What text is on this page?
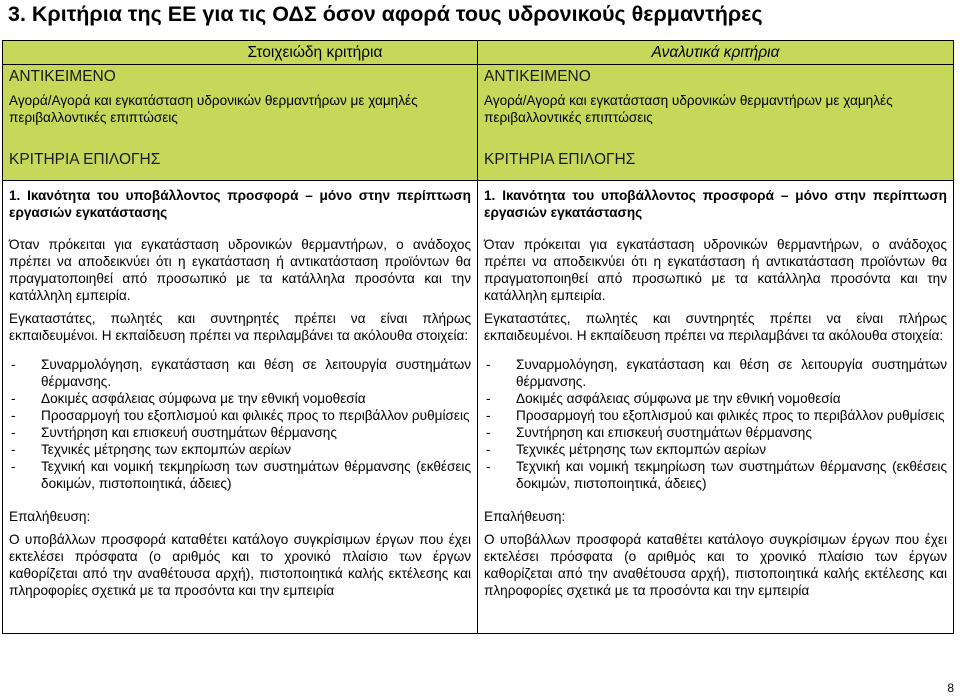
3. Κριτήρια της ΕΕ για τις ΟΔΣ όσον αφορά τους υδρονικούς θερμαντήρες
Στοιχειώδη κριτήρια
ΑΝΤΙΚΕΙΜΕΝΟ
Αγορά/Αγορά και εγκατάσταση υδρονικών θερμαντήρων με χαμηλές περιβαλλοντικές επιπτώσεις
ΚΡΙΤΗΡΙΑ ΕΠΙΛΟΓΗΣ
1. Ικανότητα του υποβάλλοντος προσφορά – μόνο στην περίπτωση εργασιών εγκατάστασης

Όταν πρόκειται για εγκατάσταση υδρονικών θερμαντήρων, ο ανάδοχος πρέπει να αποδεικνύει ότι η εγκατάσταση ή αντικατάσταση προϊόντων θα πραγματοποιηθεί από προσωπικό με τα κατάλληλα προσόντα και την κατάλληλη εμπειρία.

Εγκαταστάτες, πωλητές και συντηρητές πρέπει να είναι πλήρως εκπαιδευμένοι. Η εκπαίδευση πρέπει να περιλαμβάνει τα ακόλουθα στοιχεία:

- Συναρμολόγηση, εγκατάσταση και θέση σε λειτουργία συστημάτων θέρμανσης.
- Δοκιμές ασφάλειας σύμφωνα με την εθνική νομοθεσία
- Προσαρμογή του εξοπλισμού και φιλικές προς το περιβάλλον ρυθμίσεις
- Συντήρηση και επισκευή συστημάτων θέρμανσης
- Τεχνικές μέτρησης των εκπομπών αερίων
- Τεχνική και νομική τεκμηρίωση των συστημάτων θέρμανσης (εκθέσεις δοκιμών, πιστοποιητικά, άδειες)
Επαλήθευση:

Ο υποβάλλων προσφορά καταθέτει κατάλογο συγκρίσιμων έργων που έχει εκτελέσει πρόσφατα (ο αριθμός και το χρονικό πλαίσιο των έργων καθορίζεται από την αναθέτουσα αρχή), πιστοποιητικά καλής εκτέλεσης και πληροφορίες σχετικά με τα προσόντα και την εμπειρία

Αναλυτικά κριτήρια
ΑΝΤΙΚΕΙΜΕΝΟ
Αγορά/Αγορά και εγκατάσταση υδρονικών θερμαντήρων με χαμηλές περιβαλλοντικές επιπτώσεις
ΚΡΙΤΗΡΙΑ ΕΠΙΛΟΓΗΣ
1. Ικανότητα του υποβάλλοντος προσφορά – μόνο στην περίπτωση εργασιών εγκατάστασης

Όταν πρόκειται για εγκατάσταση υδρονικών θερμαντήρων, ο ανάδοχος πρέπει να αποδεικνύει ότι η εγκατάσταση ή αντικατάσταση προϊόντων θα πραγματοποιηθεί από προσωπικό με τα κατάλληλα προσόντα και την κατάλληλη εμπειρία.

Εγκαταστάτες, πωλητές και συντηρητές πρέπει να είναι πλήρως εκπαιδευμένοι. Η εκπαίδευση πρέπει να περιλαμβάνει τα ακόλουθα στοιχεία:

- Συναρμολόγηση, εγκατάσταση και θέση σε λειτουργία συστημάτων θέρμανσης.
- Δοκιμές ασφάλειας σύμφωνα με την εθνική νομοθεσία
- Προσαρμογή του εξοπλισμού και φιλικές προς το περιβάλλον ρυθμίσεις
- Συντήρηση και επισκευή συστημάτων θέρμανσης
- Τεχνικές μέτρησης των εκπομπών αερίων
- Τεχνική και νομική τεκμηρίωση των συστημάτων θέρμανσης (εκθέσεις δοκιμών, πιστοποιητικά, άδειες)
Επαλήθευση:

Ο υποβάλλων προσφορά καταθέτει κατάλογο συγκρίσιμων έργων που έχει εκτελέσει πρόσφατα (ο αριθμός και το χρονικό πλαίσιο των έργων καθορίζεται από την αναθέτουσα αρχή), πιστοποιητικά καλής εκτέλεσης και πληροφορίες σχετικά με τα προσόντα και την εμπειρία

8
